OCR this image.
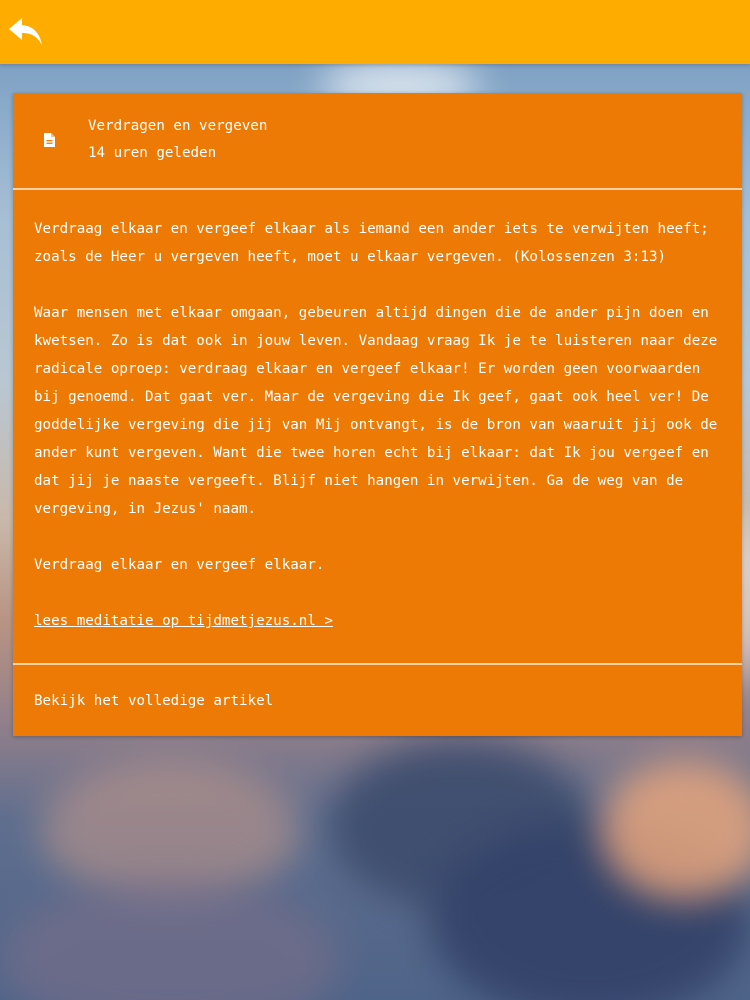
Verdragen en vergeven
14 uren geleden

Verdraag elkaar en vergeef elkaar als iemand een ander iets te verwijten heeft; zoals de Heer u vergeven heeft, moet u elkaar vergeven. (Kolossenzen 3:13)

Waar mensen met elkaar omgaan, gebeuren altijd dingen die de ander pijn doen en kwetsen. Zo is dat ook in jouw leven. Vandaag vraag Ik je te luisteren naar deze radicale oproep: verdraag elkaar en vergeef elkaar! Er worden geen voorwaarden bij genoemd. Dat gaat ver. Maar de vergeving die Ik geef, gaat ook heel ver! De goddelijke vergeving die jij van Mij ontvangt, is de bron van waaruit jij ook de ander kunt vergeven. Want die twee horen echt bij elkaar: dat Ik jou vergeef en dat jij je naaste vergeeft. Blijf niet hangen in verwijten. Ga de weg van de vergeving, in Jezus' naam.

Verdraag elkaar en vergeef elkaar.

lees meditatie op tijdmetjezus.nl >
Bekijk het volledige artikel
